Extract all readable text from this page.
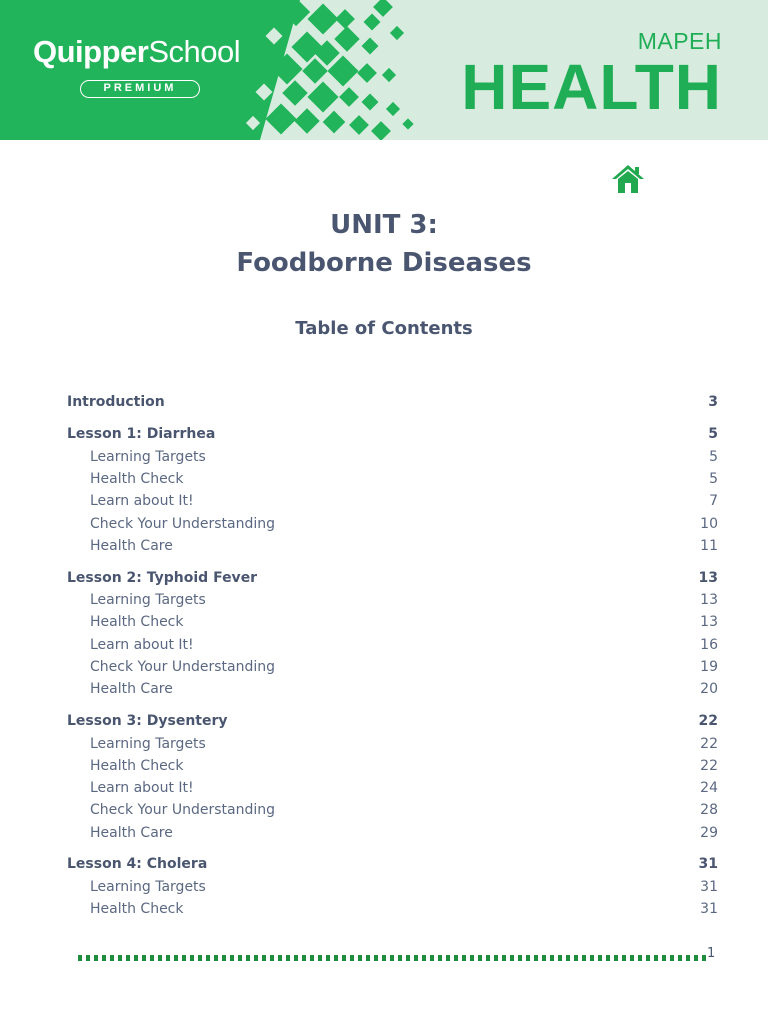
QuipperSchool
PREMIUM
MAPEH
HEALTH
UNIT 3:
Foodborne Diseases
Table of Contents
Introduction	3
Lesson 1: Diarrhea	5
Learning Targets	5
Health Check	5
Learn about It!	7
Check Your Understanding	10
Health Care	11
Lesson 2: Typhoid Fever	13
Learning Targets	13
Health Check	13
Learn about It!	16
Check Your Understanding	19
Health Care	20
Lesson 3: Dysentery	22
Learning Targets	22
Health Check	22
Learn about It!	24
Check Your Understanding	28
Health Care	29
Lesson 4: Cholera	31
Learning Targets	31
Health Check	31
1
